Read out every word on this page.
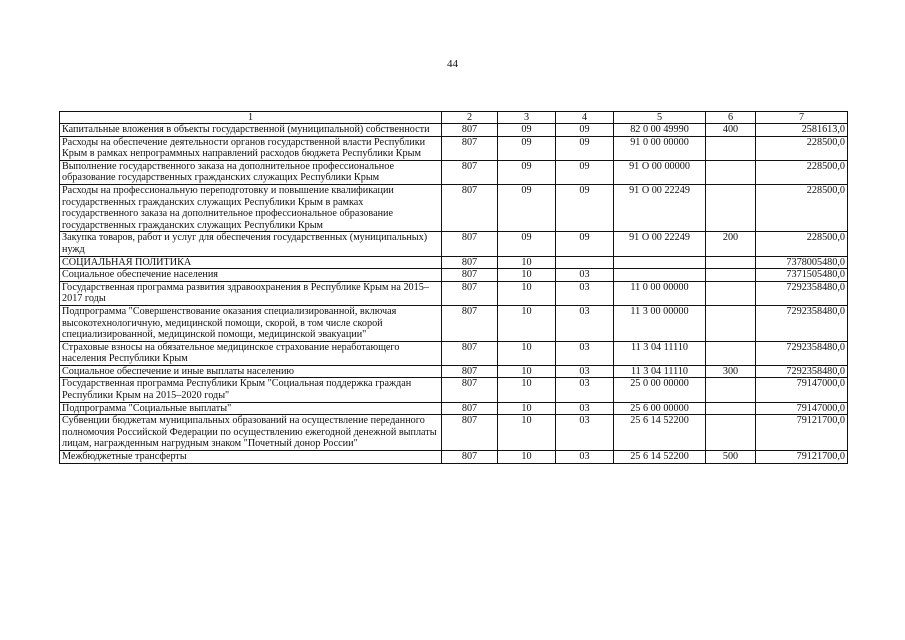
44
1	2	3	4	5	6	7
Капитальные вложения в объекты государственной (муниципальной) собственности	807	09	09	82 0 00 49990	400	2581613,0
Расходы на обеспечение деятельности органов государственной власти Республики Крым в рамках непрограммных направлений расходов бюджета Республики Крым	807	09	09	91 0 00 00000		228500,0
Выполнение государственного заказа на дополнительное профессиональное образование государственных гражданских служащих Республики Крым	807	09	09	91 О 00 00000		228500,0
Расходы на профессиональную переподготовку и повышение квалификации государственных гражданских служащих Республики Крым в рамках государственного заказа на дополнительное профессиональное образование государственных гражданских служащих Республики Крым	807	09	09	91 О 00 22249		228500,0
Закупка товаров, работ и услуг для обеспечения государственных (муниципальных) нужд	807	09	09	91 О 00 22249	200	228500,0
СОЦИАЛЬНАЯ ПОЛИТИКА	807	10				7378005480,0
Социальное обеспечение населения	807	10	03			7371505480,0
Государственная программа развития здравоохранения в Республике Крым на 2015–2017 годы	807	10	03	11 0 00 00000		7292358480,0
Подпрограмма "Совершенствование оказания специализированной, включая высокотехнологичную, медицинской помощи, скорой, в том числе скорой специализированной, медицинской помощи, медицинской эвакуации"	807	10	03	11 3 00 00000		7292358480,0
Страховые взносы на обязательное медицинское страхование неработающего населения Республики Крым	807	10	03	11 3 04 11110		7292358480,0
Социальное обеспечение и иные выплаты населению	807	10	03	11 3 04 11110	300	7292358480,0
Государственная программа Республики Крым "Социальная поддержка граждан Республики Крым на 2015–2020 годы"	807	10	03	25 0 00 00000		79147000,0
Подпрограмма "Социальные выплаты"	807	10	03	25 6 00 00000		79147000,0
Субвенции бюджетам муниципальных образований на осуществление переданного полномочия Российской Федерации по осуществлению ежегодной денежной выплаты лицам, награжденным нагрудным знаком "Почетный донор России"	807	10	03	25 6 14 52200		79121700,0
Межбюджетные трансферты	807	10	03	25 6 14 52200	500	79121700,0
